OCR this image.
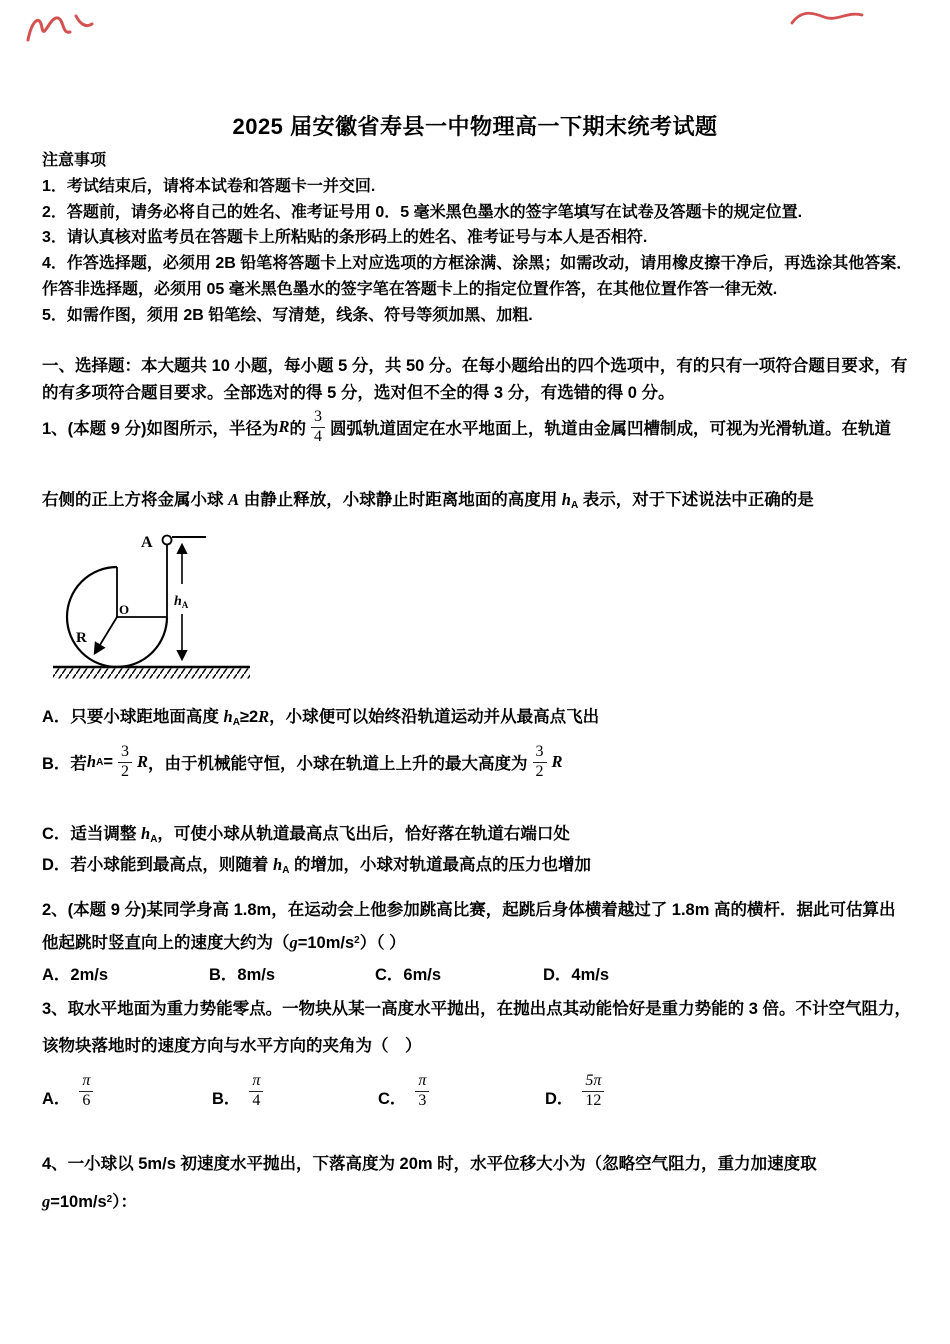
2025 届安徽省寿县一中物理高一下期末统考试题
注意事项
1．考试结束后，请将本试卷和答题卡一并交回.
2．答题前，请务必将自己的姓名、准考证号用 0．5 毫米黑色墨水的签字笔填写在试卷及答题卡的规定位置.
3．请认真核对监考员在答题卡上所粘贴的条形码上的姓名、准考证号与本人是否相符.
4．作答选择题，必须用 2B 铅笔将答题卡上对应选项的方框涂满、涂黑；如需改动，请用橡皮擦干净后，再选涂其他答案．作答非选择题，必须用 05 毫米黑色墨水的签字笔在答题卡上的指定位置作答，在其他位置作答一律无效.
5．如需作图，须用 2B 铅笔绘、写清楚，线条、符号等须加黑、加粗.
一、选择题：本大题共 10 小题，每小题 5 分，共 50 分。在每小题给出的四个选项中，有的只有一项符合题目要求，有
的有多项符合题目要求。全部选对的得 5 分，选对但不全的得 3 分，有选错的得 0 分。
1、(本题 9 分)如图所示，半径为 R 的 $\frac{3}{4}$ 圆弧轨道固定在水平地面上，轨道由金属凹槽制成，可视为光滑轨道。在轨道
右侧的正上方将金属小球 A 由静止释放，小球静止时距离地面的高度用 $h_A$ 表示，对于下述说法中正确的是
O
R
A
$h_A$
A．只要小球距地面高度 $h_A\ge 2R$，小球便可以始终沿轨道运动并从最高点飞出
B．若 h $A = \frac{3}{2}$ R ，由于机械能守恒，小球在轨道上上升的最大高度为 $\frac{3}{2}$ R
C．适当调整 $h_A$，可使小球从轨道最高点飞出后，恰好落在轨道右端口处
D．若小球能到最高点，则随着 $h_A$ 的增加，小球对轨道最高点的压力也增加
2、(本题 9 分)某同学身高 1.8m，在运动会上他参加跳高比赛，起跳后身体横着越过了 1.8m 高的横杆．据此可估算出
他起跳时竖直向上的速度大约为$(g=10m/s^2)$（ ）
A．2m/s	B．8m/s	C．6m/s	D．4m/s
3、取水平地面为重力势能零点。一物块从某一高度水平抛出，在抛出点其动能恰好是重力势能的 3 倍。不计空气阻力，
该物块落地时的速度方向与水平方向的夹角为（　）
A． $\frac{\pi}{6}$	B． $\frac{\pi}{4}$	C． $\frac{\pi}{3}$	D． $\frac{5\pi}{12}$
4、一小球以 5m/s 初速度水平抛出，下落高度为 20m 时，水平位移大小为（忽略空气阻力，重力加速度取
$g=10m/s^2$）：
